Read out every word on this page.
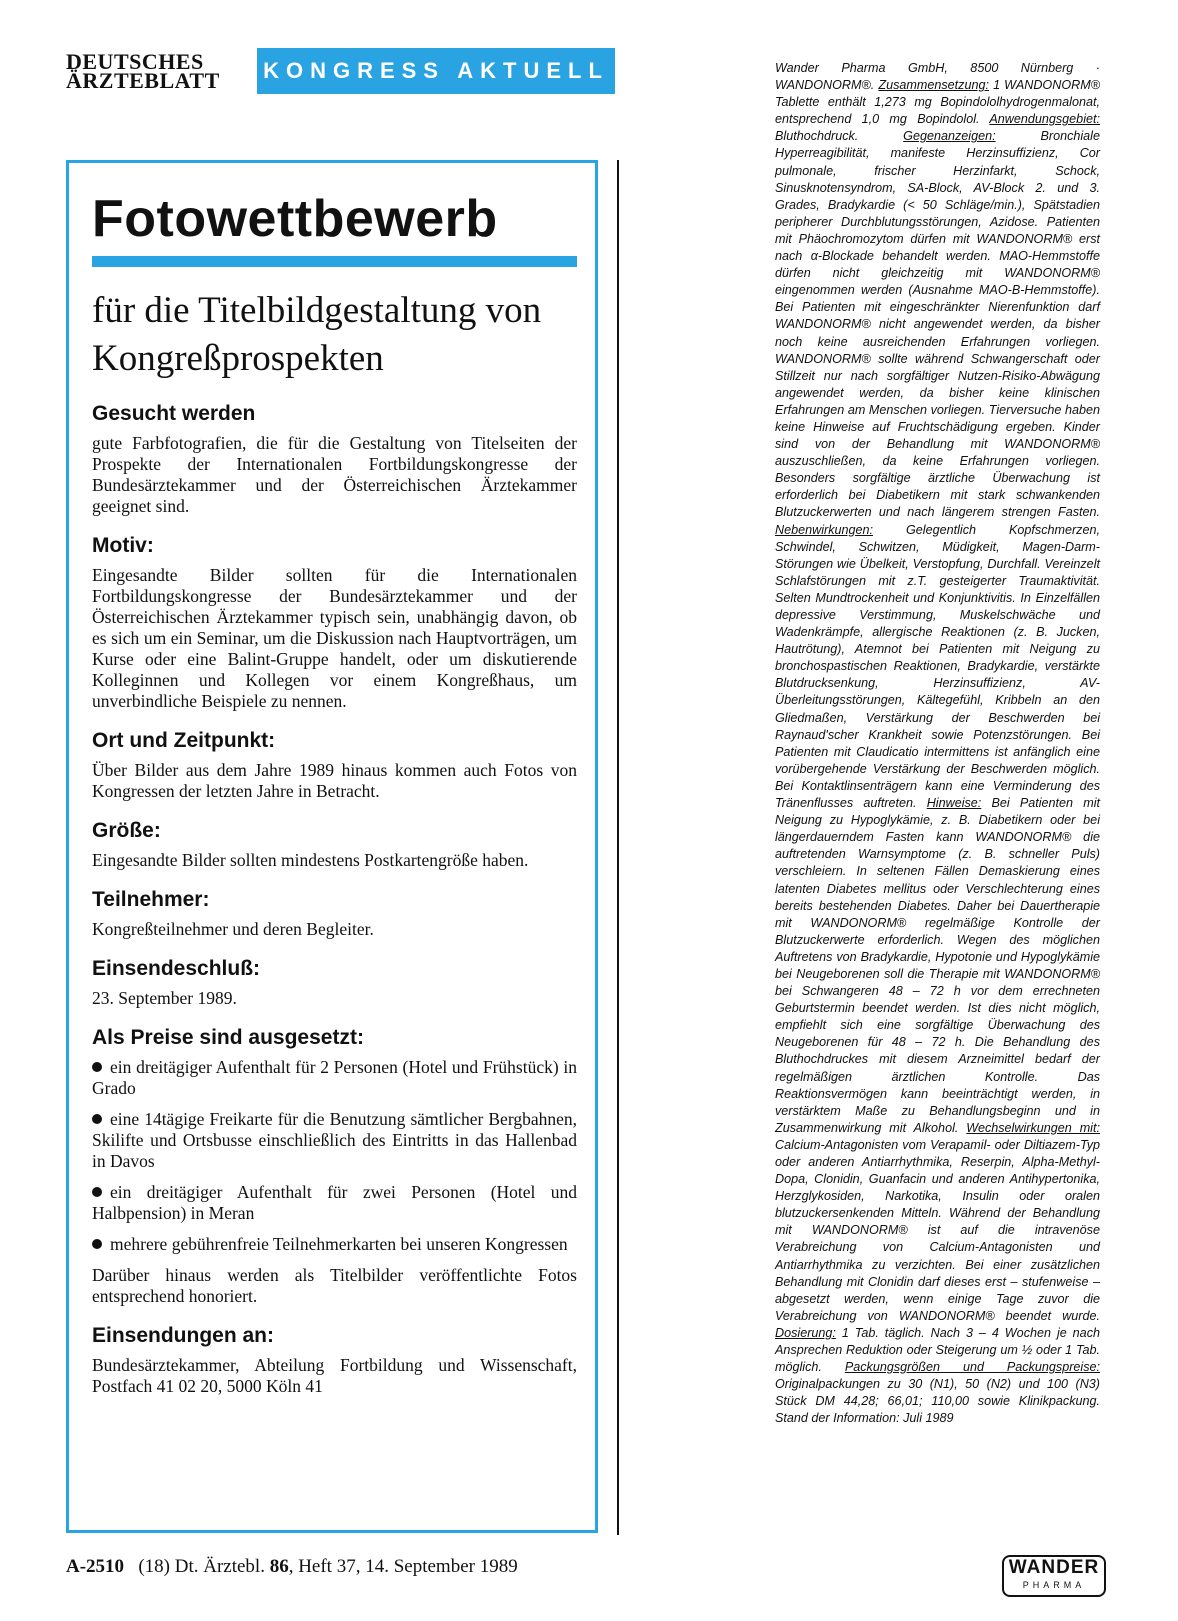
DEUTSCHES
ÄRZTEBLATT	KONGRESS AKTUELL
Fotowettbewerb
für die Titelbildgestaltung von Kongreßprospekten
Gesucht werden
gute Farbfotografien, die für die Gestaltung von Titelseiten der Prospekte der Internationalen Fortbildungskongresse der Bundesärztekammer und der Österreichischen Ärztekammer geeignet sind.
Motiv:
Eingesandte Bilder sollten für die Internationalen Fortbildungskongresse der Bundesärztekammer und der Österreichischen Ärztekammer typisch sein, unabhängig davon, ob es sich um ein Seminar, um die Diskussion nach Hauptvorträgen, um Kurse oder eine Balint-Gruppe handelt, oder um diskutierende Kolleginnen und Kollegen vor einem Kongreßhaus, um unverbindliche Beispiele zu nennen.
Ort und Zeitpunkt:
Über Bilder aus dem Jahre 1989 hinaus kommen auch Fotos von Kongressen der letzten Jahre in Betracht.
Größe:
Eingesandte Bilder sollten mindestens Postkartengröße haben.
Teilnehmer:
Kongreßteilnehmer und deren Begleiter.
Einsendeschluß:
23. September 1989.
Als Preise sind ausgesetzt:
ein dreitägiger Aufenthalt für 2 Personen (Hotel und Frühstück) in Grado
eine 14tägige Freikarte für die Benutzung sämtlicher Bergbahnen, Skilifte und Ortsbusse einschließlich des Eintritts in das Hallenbad in Davos
ein dreitägiger Aufenthalt für zwei Personen (Hotel und Halbpension) in Meran
mehrere gebührenfreie Teilnehmerkarten bei unseren Kongressen
Darüber hinaus werden als Titelbilder veröffentlichte Fotos entsprechend honoriert.
Einsendungen an:
Bundesärztekammer, Abteilung Fortbildung und Wissenschaft, Postfach 41 02 20, 5000 Köln 41
A-2510 (18) Dt. Ärztebl. 86, Heft 37, 14. September 1989
Wander Pharma GmbH, 8500 Nürnberg · WANDONORM®. Zusammensetzung: 1 WANDONORM® Tablette enthält 1,273 mg Bopindololhydrogenmalonat, entsprechend 1,0 mg Bopindolol. Anwendungsgebiet: Bluthochdruck. Gegenanzeigen: Bronchiale Hyperreagibilität, manifeste Herzinsuffizienz, Cor pulmonale, frischer Herzinfarkt, Schock, Sinusknotensyndrom, SA-Block, AV-Block 2. und 3. Grades, Bradykardie (< 50 Schläge/min.), Spätstadien peripherer Durchblutungsstörungen, Azidose. Patienten mit Phäochromozytom dürfen mit WANDONORM® erst nach α-Blockade behandelt werden. MAO-Hemmstoffe dürfen nicht gleichzeitig mit WANDONORM® eingenommen werden (Ausnahme MAO-B-Hemmstoffe). Bei Patienten mit eingeschränkter Nierenfunktion darf WANDONORM® nicht angewendet werden, da bisher noch keine ausreichenden Erfahrungen vorliegen. WANDONORM® sollte während Schwangerschaft oder Stillzeit nur nach sorgfältiger Nutzen-Risiko-Abwägung angewendet werden, da bisher keine klinischen Erfahrungen am Menschen vorliegen. Tierversuche haben keine Hinweise auf Fruchtschädigung ergeben. Kinder sind von der Behandlung mit WANDONORM® auszuschließen, da keine Erfahrungen vorliegen. Besonders sorgfältige ärztliche Überwachung ist erforderlich bei Diabetikern mit stark schwankenden Blutzuckerwerten und nach längerem strengen Fasten. Nebenwirkungen: Gelegentlich Kopfschmerzen, Schwindel, Schwitzen, Müdigkeit, Magen-Darm-Störungen wie Übelkeit, Verstopfung, Durchfall. Vereinzelt Schlafstörungen mit z.T. gesteigerter Traumaktivität. Selten Mundtrockenheit und Konjunktivitis. In Einzelfällen depressive Verstimmung, Muskelschwäche und Wadenkrämpfe, allergische Reaktionen (z. B. Jucken, Hautrötung), Atemnot bei Patienten mit Neigung zu bronchospastischen Reaktionen, Bradykardie, verstärkte Blutdrucksenkung, Herzinsuffizienz, AV-Überleitungsstörungen, Kältegefühl, Kribbeln an den Gliedmaßen, Verstärkung der Beschwerden bei Raynaud'scher Krankheit sowie Potenzstörungen. Bei Patienten mit Claudicatio intermittens ist anfänglich eine vorübergehende Verstärkung der Beschwerden möglich. Bei Kontaktlinsenträgern kann eine Verminderung des Tränenflusses auftreten. Hinweise: Bei Patienten mit Neigung zu Hypoglykämie, z. B. Diabetikern oder bei längerdauerndem Fasten kann WANDONORM® die auftretenden Warnsymptome (z. B. schneller Puls) verschleiern. In seltenen Fällen Demaskierung eines latenten Diabetes mellitus oder Verschlechterung eines bereits bestehenden Diabetes. Daher bei Dauertherapie mit WANDONORM® regelmäßige Kontrolle der Blutzuckerwerte erforderlich. Wegen des möglichen Auftretens von Bradykardie, Hypotonie und Hypoglykämie bei Neugeborenen soll die Therapie mit WANDONORM® bei Schwangeren 48 – 72 h vor dem errechneten Geburtstermin beendet werden. Ist dies nicht möglich, empfiehlt sich eine sorgfältige Überwachung des Neugeborenen für 48 – 72 h. Die Behandlung des Bluthochdruckes mit diesem Arzneimittel bedarf der regelmäßigen ärztlichen Kontrolle. Das Reaktionsvermögen kann beeinträchtigt werden, in verstärktem Maße zu Behandlungsbeginn und in Zusammenwirkung mit Alkohol. Wechselwirkungen mit: Calcium-Antagonisten vom Verapamil- oder Diltiazem-Typ oder anderen Antiarrhythmika, Reserpin, Alpha-Methyl-Dopa, Clonidin, Guanfacin und anderen Antihypertonika, Herzglykosiden, Narkotika, Insulin oder oralen blutzuckersenkenden Mitteln. Während der Behandlung mit WANDONORM® ist auf die intravenöse Verabreichung von Calcium-Antagonisten und Antiarrhythmika zu verzichten. Bei einer zusätzlichen Behandlung mit Clonidin darf dieses erst – stufenweise – abgesetzt werden, wenn einige Tage zuvor die Verabreichung von WANDONORM® beendet wurde. Dosierung: 1 Tab. täglich. Nach 3 – 4 Wochen je nach Ansprechen Reduktion oder Steigerung um ½ oder 1 Tab. möglich. Packungsgrößen und Packungspreise: Originalpackungen zu 30 (N1), 50 (N2) und 100 (N3) Stück DM 44,28; 66,01; 110,00 sowie Klinikpackung. Stand der Information: Juli 1989
WANDER
PHARMA
